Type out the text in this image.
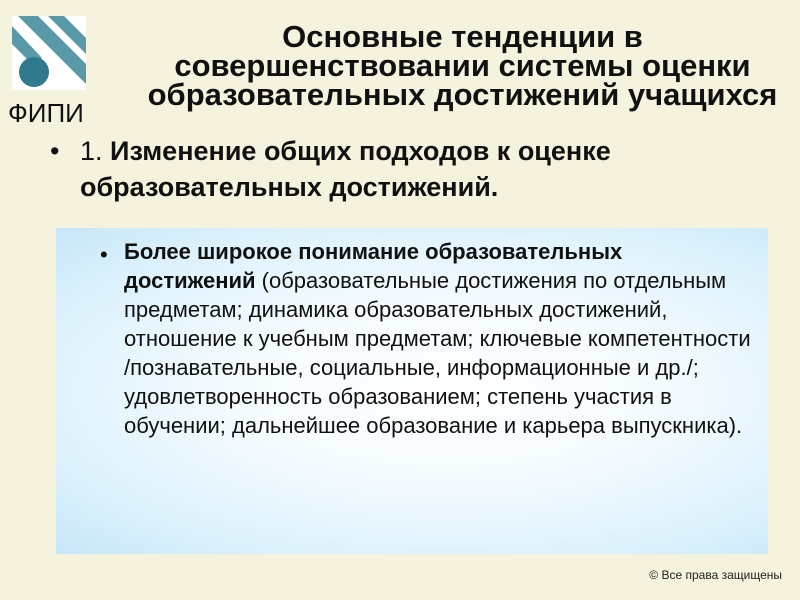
ФИПИ
Основные тенденции в совершенствовании системы оценки образовательных достижений учащихся
• 1. Изменение общих подходов к оценке образовательных достижений.
• Более широкое понимание образовательных достижений (образовательные достижения по отдельным предметам; динамика образовательных достижений, отношение к учебным предметам; ключевые компетентности /познавательные, социальные, информационные и др./; удовлетворенность образованием; степень участия в обучении; дальнейшее образование и карьера выпускника).
© Все права защищены
